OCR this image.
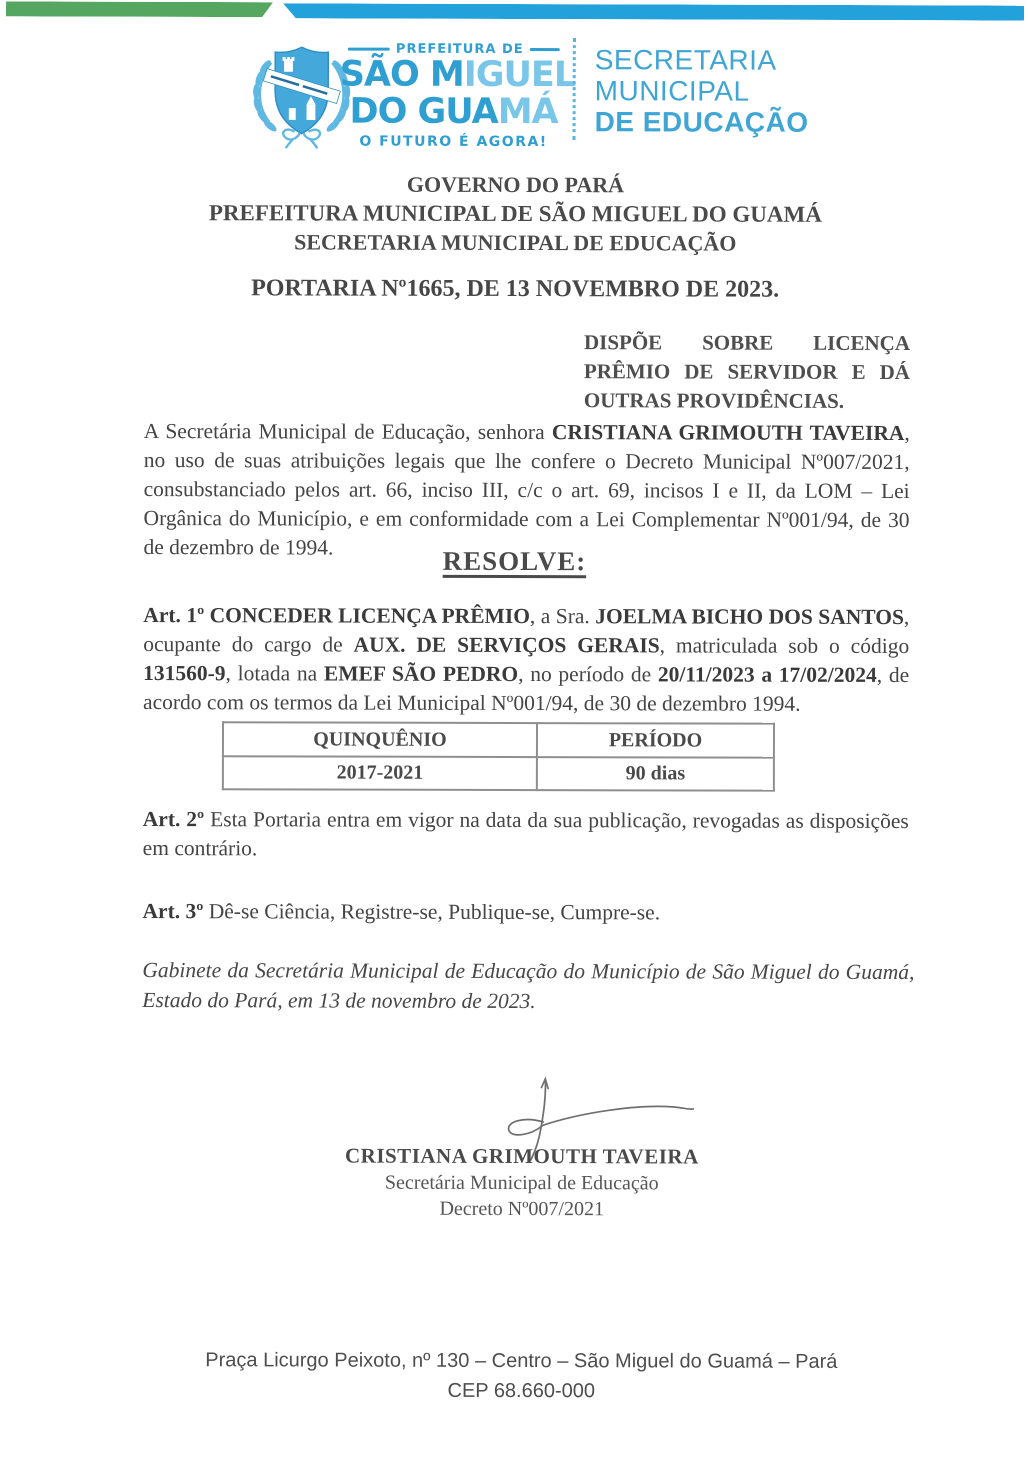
PREFEITURA DE
SÃO MIGUEL
DO GUAMÁ
O FUTURO É AGORA!
SECRETARIA
MUNICIPAL
DE EDUCAÇÃO
GOVERNO DO PARÁ
PREFEITURA MUNICIPAL DE SÃO MIGUEL DO GUAMÁ
SECRETARIA MUNICIPAL DE EDUCAÇÃO
PORTARIA Nº1665, DE 13 NOVEMBRO DE 2023.
DISPÕE SOBRE LICENÇA PRÊMIO DE SERVIDOR E DÁ OUTRAS PROVIDÊNCIAS.

A Secretária Municipal de Educação, senhora CRISTIANA GRIMOUTH TAVEIRA, no uso de suas atribuições legais que lhe confere o Decreto Municipal Nº007/2021, consubstanciado pelos art. 66, inciso III, c/c o art. 69, incisos I e II, da LOM – Lei Orgânica do Município, e em conformidade com a Lei Complementar Nº001/94, de 30 de dezembro de 1994.	RESOLVE:

Art. 1º CONCEDER LICENÇA PRÊMIO, a Sra. JOELMA BICHO DOS SANTOS, ocupante do cargo de AUX. DE SERVIÇOS GERAIS, matriculada sob o código 131560-9, lotada na EMEF SÃO PEDRO, no período de 20/11/2023 a 17/02/2024, de acordo com os termos da Lei Municipal Nº001/94, de 30 de dezembro 1994.

QUINQUÊNIO	PERÍODO
2017-2021	90 dias

Art. 2º Esta Portaria entra em vigor na data da sua publicação, revogadas as disposições em contrário.

Art. 3º Dê-se Ciência, Registre-se, Publique-se, Cumpre-se.

Gabinete da Secretária Municipal de Educação do Município de São Miguel do Guamá, Estado do Pará, em 13 de novembro de 2023.

CRISTIANA GRIMOUTH TAVEIRA
Secretária Municipal de Educação
Decreto Nº007/2021
Praça Licurgo Peixoto, nº 130 – Centro – São Miguel do Guamá – Pará
CEP 68.660-000
